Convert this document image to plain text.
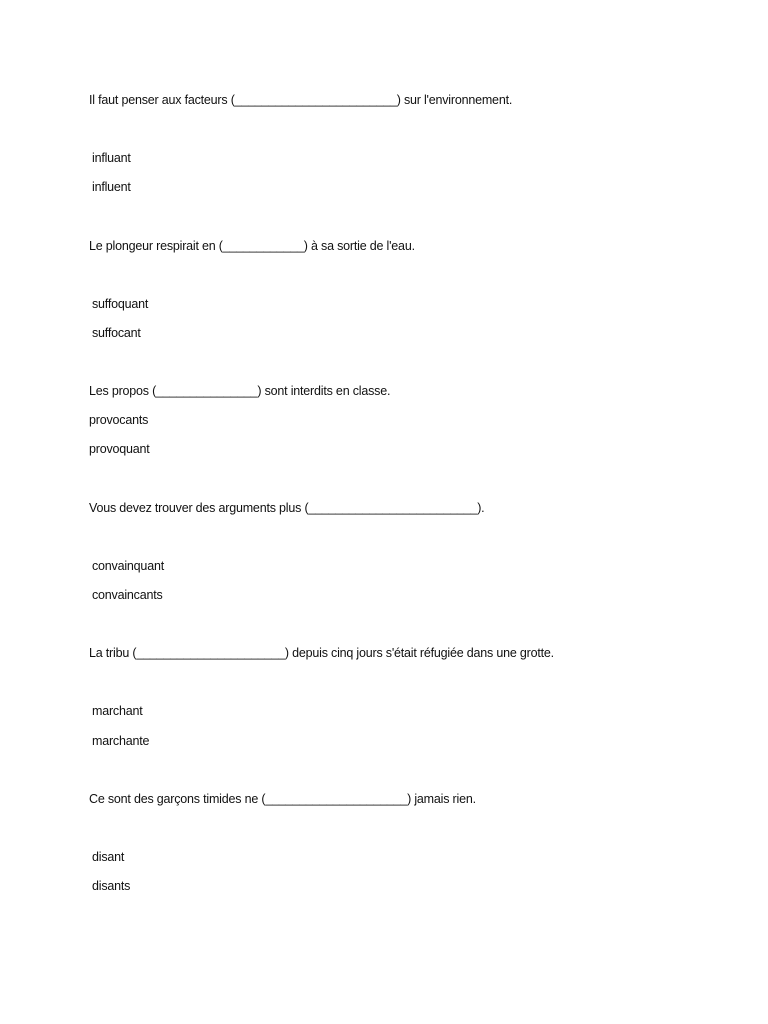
Il faut penser aux facteurs (________________________) sur l'environnement.
influant
influent
Le plongeur respirait en (____________) à sa sortie de l'eau.
suffoquant
suffocant
Les propos (_______________) sont interdits en classe.
provocants
provoquant
Vous devez trouver des arguments plus (_________________________).
convainquant
convaincants
La tribu (______________________) depuis cinq jours s'était réfugiée dans une grotte.
marchant
marchante
Ce sont des garçons timides ne (_____________________) jamais rien.
disant
disants
